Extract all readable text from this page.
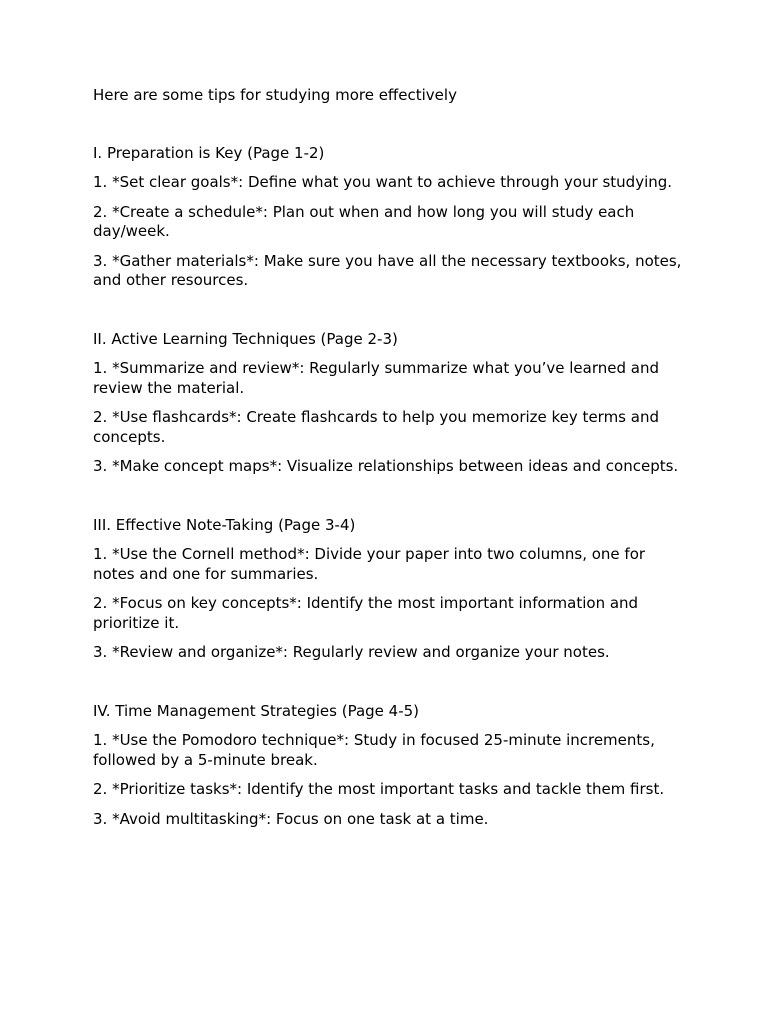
Here are some tips for studying more effectively

I. Preparation is Key (Page 1-2)

1. *Set clear goals*: Define what you want to achieve through your studying.

2. *Create a schedule*: Plan out when and how long you will study each day/week.

3. *Gather materials*: Make sure you have all the necessary textbooks, notes, and other resources.

II. Active Learning Techniques (Page 2-3)

1. *Summarize and review*: Regularly summarize what you’ve learned and review the material.

2. *Use flashcards*: Create flashcards to help you memorize key terms and concepts.

3. *Make concept maps*: Visualize relationships between ideas and concepts.

III. Effective Note-Taking (Page 3-4)

1. *Use the Cornell method*: Divide your paper into two columns, one for notes and one for summaries.

2. *Focus on key concepts*: Identify the most important information and prioritize it.

3. *Review and organize*: Regularly review and organize your notes.

IV. Time Management Strategies (Page 4-5)

1. *Use the Pomodoro technique*: Study in focused 25-minute increments, followed by a 5-minute break.

2. *Prioritize tasks*: Identify the most important tasks and tackle them first.

3. *Avoid multitasking*: Focus on one task at a time.
